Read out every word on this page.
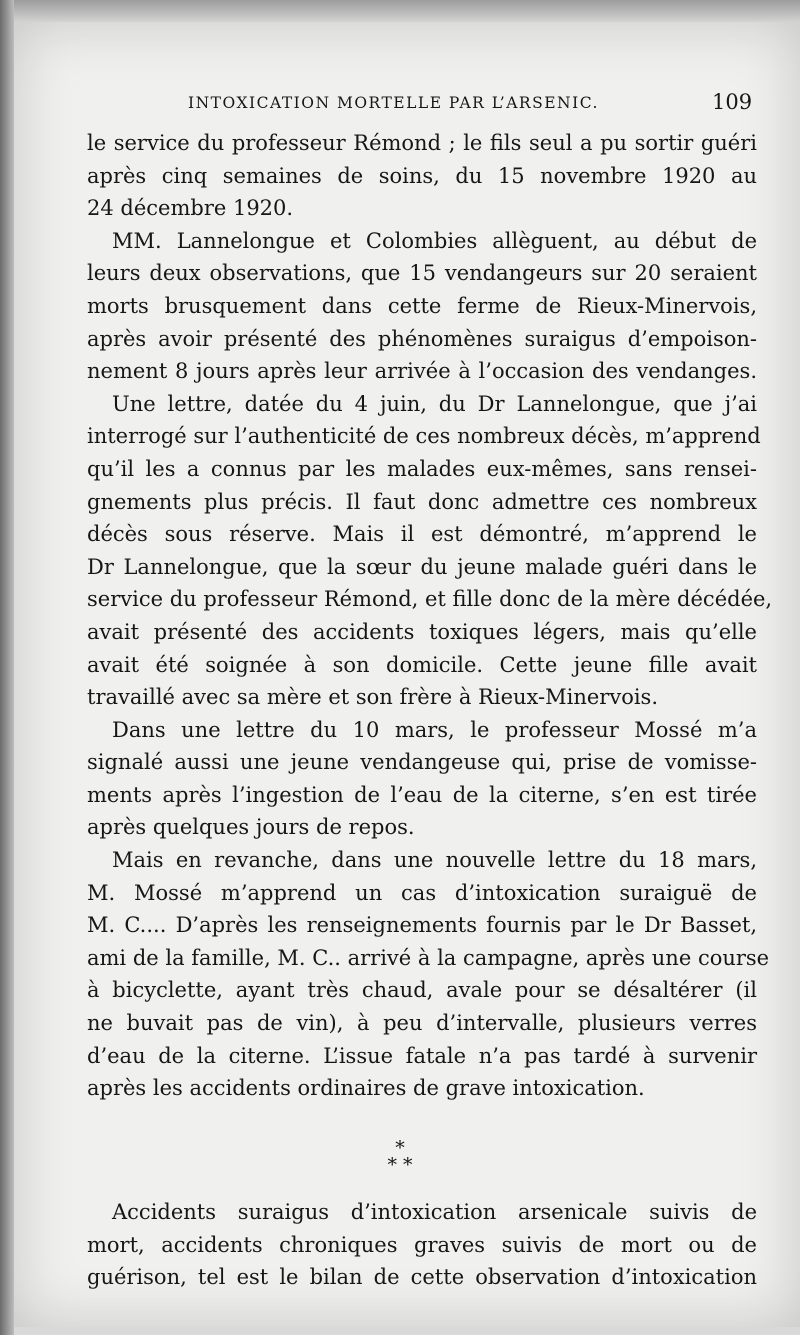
INTOXICATION MORTELLE PAR L’ARSENIC.	109
le service du professeur Rémond ; le fils seul a pu sortir guéri
après cinq semaines de soins, du 15 novembre 1920 au
24 décembre 1920.
MM. Lannelongue et Colombies allèguent, au début de
leurs deux observations, que 15 vendangeurs sur 20 seraient
morts brusquement dans cette ferme de Rieux-Minervois,
après avoir présenté des phénomènes suraigus d’empoison-
nement 8 jours après leur arrivée à l’occasion des vendanges.
Une lettre, datée du 4 juin, du Dr Lannelongue, que j’ai
interrogé sur l’authenticité de ces nombreux décès, m’apprend
qu’il les a connus par les malades eux-mêmes, sans rensei-
gnements plus précis. Il faut donc admettre ces nombreux
décès sous réserve. Mais il est démontré, m’apprend le
Dr Lannelongue, que la sœur du jeune malade guéri dans le
service du professeur Rémond, et fille donc de la mère décédée,
avait présenté des accidents toxiques légers, mais qu’elle
avait été soignée à son domicile. Cette jeune fille avait
travaillé avec sa mère et son frère à Rieux-Minervois.
Dans une lettre du 10 mars, le professeur Mossé m’a
signalé aussi une jeune vendangeuse qui, prise de vomisse-
ments après l’ingestion de l’eau de la citerne, s’en est tirée
après quelques jours de repos.
Mais en revanche, dans une nouvelle lettre du 18 mars,
M. Mossé m’apprend un cas d’intoxication suraiguë de
M. C.... D’après les renseignements fournis par le Dr Basset,
ami de la famille, M. C.. arrivé à la campagne, après une course
à bicyclette, ayant très chaud, avale pour se désaltérer (il
ne buvait pas de vin), à peu d’intervalle, plusieurs verres
d’eau de la citerne. L’issue fatale n’a pas tardé à survenir
après les accidents ordinaires de grave intoxication.
*
* *
Accidents suraigus d’intoxication arsenicale suivis de
mort, accidents chroniques graves suivis de mort ou de
guérison, tel est le bilan de cette observation d’intoxication
